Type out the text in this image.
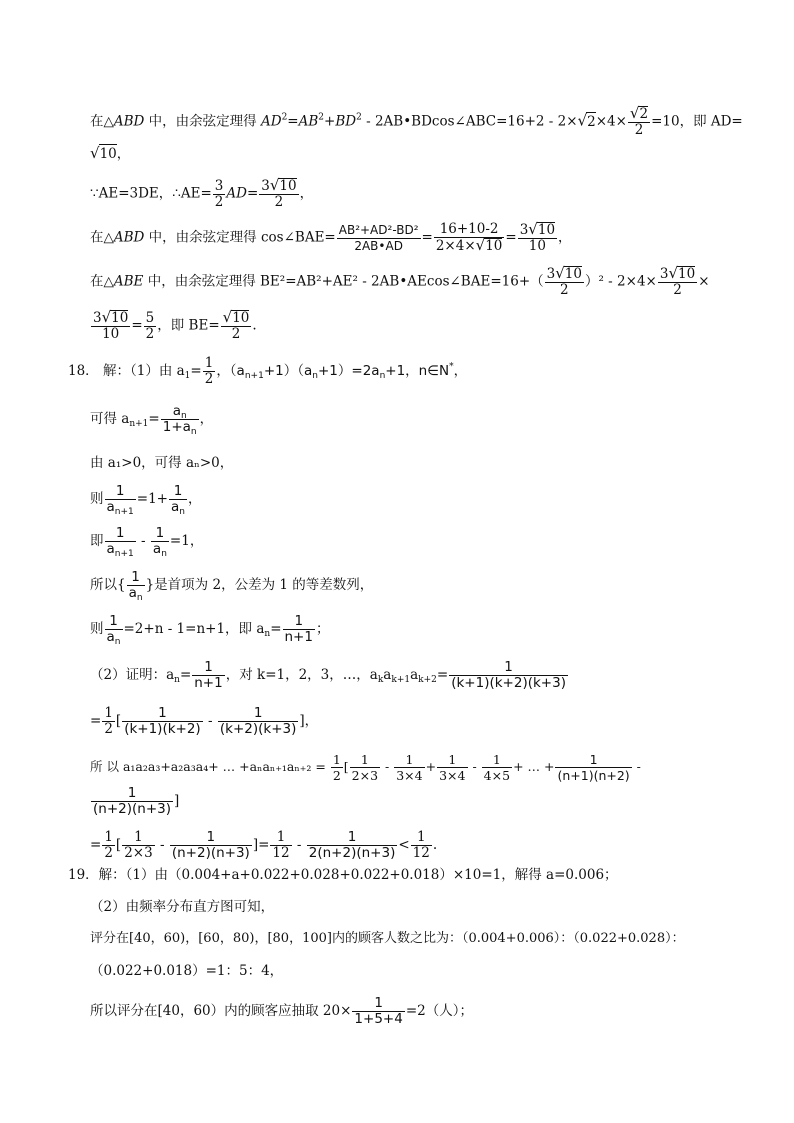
在△ABD 中，由余弦定理得 $AD^2=AB^2+BD^2$ - 2AB•BDcos∠ABC=16+2 - $2\times√2\times 4\times \frac{√2}{2} =10$，即 AD=
√10，
∵AE=3DE，∴AE= $\frac{3}{2} AD= \frac{3√10}{2}$ ，
在△ABD 中，由余弦定理得 cos∠BAE= $\frac{\text{AB²+AD²-BD²}}{2AB•AD} = \frac{16+10-2}{2\times 4\times√10} = \frac{3√10}{10}$ ，
在△ABE 中，由余弦定理得 BE²=AB²+AE² - 2AB•AEcos∠BAE=16+（ $\frac{3√10}{2} )^2 - 2\times 4\times \frac{3√10}{2}$ ×
$\frac{3√10}{10} = \frac{5}{2}$ ，即 $BE= \frac{√10}{2}$ .
18． 解：（1）由 $a_1= \frac{1}{2}$ ，$(a_{n+1}+1)(a_n+1)=2a_n+1$，n∈N*，
可得 $a_{n+1}= \frac{a_n}{1+a_n}$ ，
由 a₁>0，可得 aₙ>0，
则 $\frac{1}{a_{n+1}} =1+ \frac{1}{a_n}$ ，
即 $\frac{1}{a_{n+1}} - \frac{1}{a_n} =1$，
所以{ $\frac{1}{a_n}$ }是首项为 2，公差为 1 的等差数列，
则 $\frac{1}{a_n} =2+n - 1=n+1$，即 $a_n= \frac{1}{n+1}$ ；
（2）证明：$a_n= \frac{1}{n+1}$ ，对 k=1，2，3，…，$a_ka_{k+1}a_{k+2}= \frac{1}{(k+1)(k+2)(k+3)}$
= $\frac{1}{2}$ [ $\frac{1}{(k+1)(k+2)} - \frac{1}{(k+2)(k+3)}$ ]，
所 以 a₁a₂a₃+a₂a₃a₄+ … $+a_na_{n+1}a_{n+2} = \frac{1}{2}$ [ $\frac{1}{2\times 3} - \frac{1}{3\times 4} + \frac{1}{3\times 4} - \frac{1}{4\times 5}$ + … + $\frac{1}{(n+1)(n+2)}$ -
$\frac{1}{(n+2)(n+3)}$ ]
= $\frac{1}{2}$ [ $\frac{1}{2\times 3} - \frac{1}{(n+2)(n+3)}$ ]= $\frac{1}{12} - \frac{1}{2(n+2)(n+3)} < \frac{1}{12}$ .
19．解：（1）由（0.004+a+0.022+0.028+0.022+0.018）×10=1，解得 a=0.006；
（2）由频率分布直方图可知，
评分在[40，60)，[60，80)，[80，100]内的顾客人数之比为：（0.004+0.006）：（0.022+0.028）：
（0.022+0.018）=1：5：4，
所以评分在[40，60）内的顾客应抽取 $20\times \frac{1}{1+5+4} =2$（人）；
